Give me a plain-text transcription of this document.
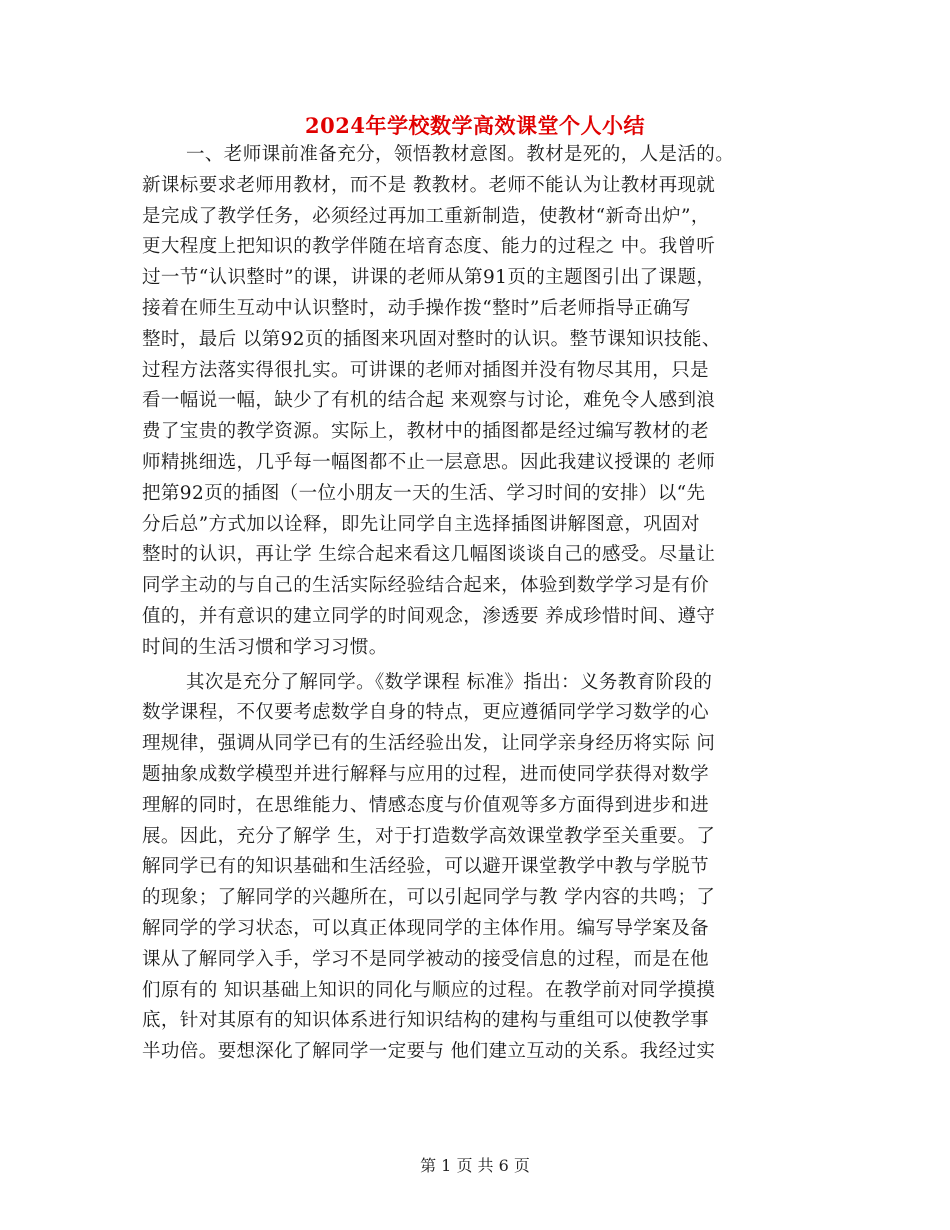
2024年学校数学高效课堂个人小结
一、老师课前准备充分，领悟教材意图。教材是死的，人是活的。
新课标要求老师用教材，而不是 教教材。老师不能认为让教材再现就
是完成了教学任务，必须经过再加工重新制造，使教材“新奇出炉”，
更大程度上把知识的教学伴随在培育态度、能力的过程之 中。我曾听
过一节“认识整时”的课，讲课的老师从第91页的主题图引出了课题，
接着在师生互动中认识整时，动手操作拨“整时”后老师指导正确写
整时，最后 以第92页的插图来巩固对整时的认识。整节课知识技能、
过程方法落实得很扎实。可讲课的老师对插图并没有物尽其用，只是
看一幅说一幅，缺少了有机的结合起 来观察与讨论，难免令人感到浪
费了宝贵的教学资源。实际上，教材中的插图都是经过编写教材的老
师精挑细选，几乎每一幅图都不止一层意思。因此我建议授课的 老师
把第92页的插图（一位小朋友一天的生活、学习时间的安排）以“先
分后总”方式加以诠释，即先让同学自主选择插图讲解图意，巩固对
整时的认识，再让学 生综合起来看这几幅图谈谈自己的感受。尽量让
同学主动的与自己的生活实际经验结合起来，体验到数学学习是有价
值的，并有意识的建立同学的时间观念，渗透要 养成珍惜时间、遵守
时间的生活习惯和学习习惯。
其次是充分了解同学。《数学课程 标准》指出：义务教育阶段的
数学课程，不仅要考虑数学自身的特点，更应遵循同学学习数学的心
理规律，强调从同学已有的生活经验出发，让同学亲身经历将实际 问
题抽象成数学模型并进行解释与应用的过程，进而使同学获得对数学
理解的同时，在思维能力、情感态度与价值观等多方面得到进步和进
展。因此，充分了解学 生，对于打造数学高效课堂教学至关重要。了
解同学已有的知识基础和生活经验，可以避开课堂教学中教与学脱节
的现象；了解同学的兴趣所在，可以引起同学与教 学内容的共鸣；了
解同学的学习状态，可以真正体现同学的主体作用。编写导学案及备
课从了解同学入手，学习不是同学被动的接受信息的过程，而是在他
们原有的 知识基础上知识的同化与顺应的过程。在教学前对同学摸摸
底，针对其原有的知识体系进行知识结构的建构与重组可以使教学事
半功倍。要想深化了解同学一定要与 他们建立互动的关系。我经过实
第 1 页 共 6 页
